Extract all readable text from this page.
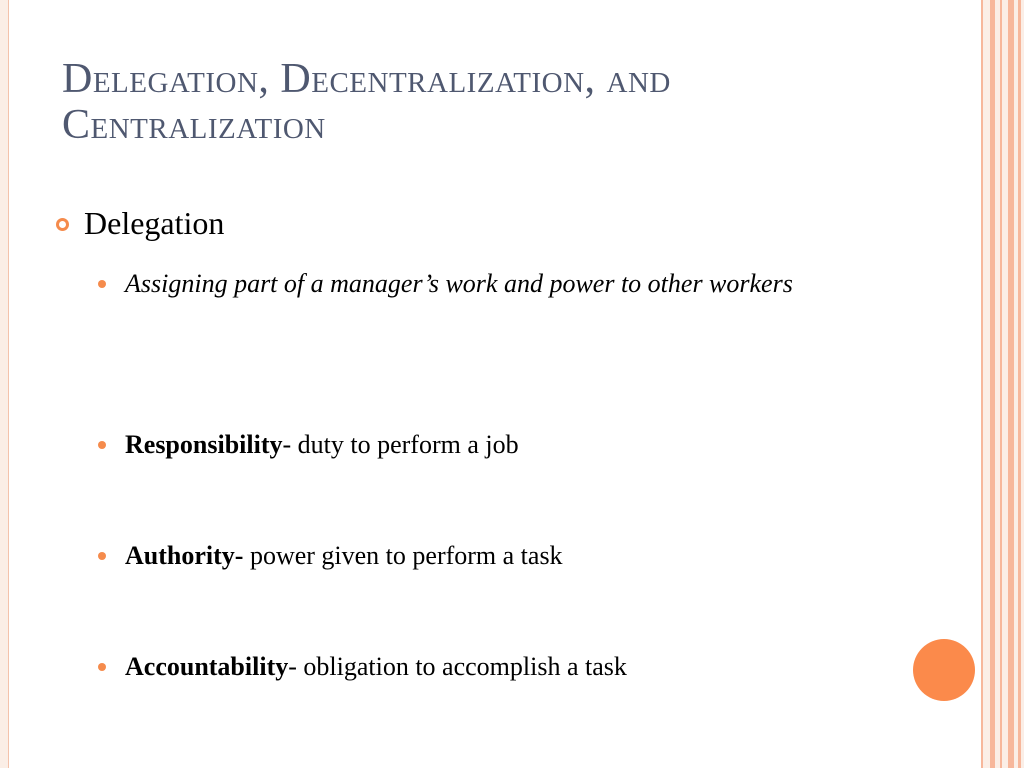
Delegation, Decentralization, and Centralization
Delegation
Assigning part of a manager’s work and power to other workers
Responsibility- duty to perform a job
Authority- power given to perform a task
Accountability- obligation to accomplish a task
